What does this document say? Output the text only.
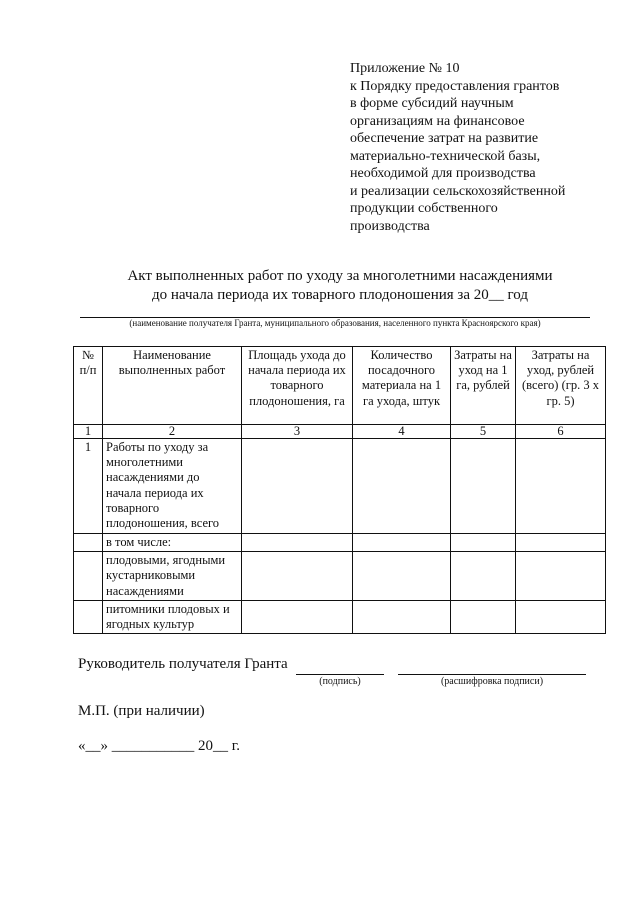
Приложение № 10
к Порядку предоставления грантов
в форме субсидий научным
организациям на финансовое
обеспечение затрат на развитие
материально-технической базы,
необходимой для производства
и реализации сельскохозяйственной
продукции собственного
производства
Акт выполненных работ по уходу за многолетними насаждениями
до начала периода их товарного плодоношения за 20__ год
(наименование получателя Гранта, муниципального образования, населенного пункта Красноярского края)
№ п/п	Наименование выполненных работ	Площадь ухода до начала периода их товарного плодоношения, га	Количество посадочного материала на 1 га ухода, штук	Затраты на уход на 1 га, рублей	Затраты на уход, рублей (всего) (гр. 3 х гр. 5)
1	2	3	4	5	6
1	Работы по уходу за многолетними насаждениями до начала периода их товарного плодоношения, всего				
	в том числе:				
	плодовыми, ягодными кустарниковыми насаждениями				
	питомники плодовых и ягодных культур				
Руководитель получателя Гранта
(подпись)	(расшифровка подписи)
М.П. (при наличии)
«__» ___________ 20__ г.
